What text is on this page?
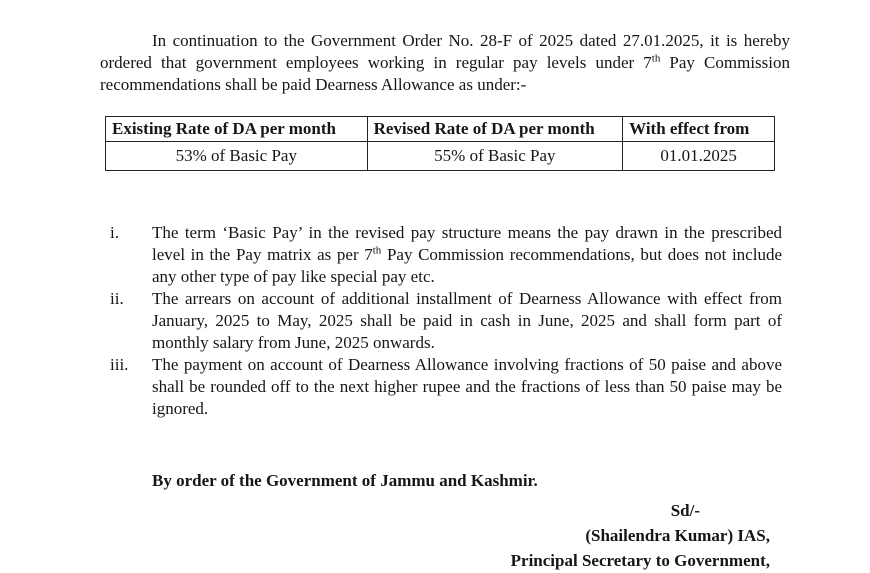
In continuation to the Government Order No. 28-F of 2025 dated 27.01.2025, it is hereby ordered that government employees working in regular pay levels under 7th Pay Commission recommendations shall be paid Dearness Allowance as under:-
Existing Rate of DA per month	Revised Rate of DA per month	With effect from
53% of Basic Pay	55% of Basic Pay	01.01.2025
i.	The term ‘Basic Pay’ in the revised pay structure means the pay drawn in the prescribed level in the Pay matrix as per 7th Pay Commission recommendations, but does not include any other type of pay like special pay etc.
ii.	The arrears on account of additional installment of Dearness Allowance with effect from January, 2025 to May, 2025 shall be paid in cash in June, 2025 and shall form part of monthly salary from June, 2025 onwards.
iii.	The payment on account of Dearness Allowance involving fractions of 50 paise and above shall be rounded off to the next higher rupee and the fractions of less than 50 paise may be ignored.
By order of the Government of Jammu and Kashmir.
Sd/-
(Shailendra Kumar) IAS,
Principal Secretary to Government,
